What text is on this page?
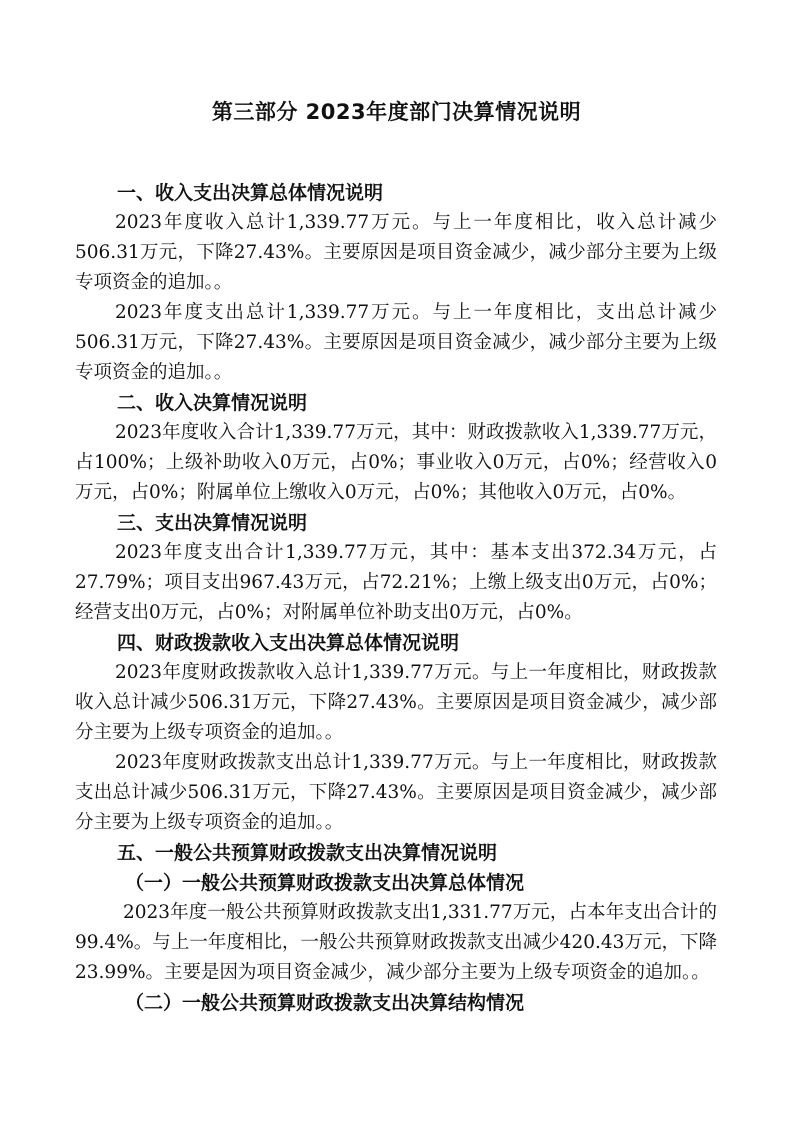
第三部分 2023年度部门决算情况说明
一、收入支出决算总体情况说明
2023年度收入总计1,339.77万元。与上一年度相比，收入总计减少506.31万元，下降27.43%。主要原因是项目资金减少，减少部分主要为上级专项资金的追加。。
2023年度支出总计1,339.77万元。与上一年度相比，支出总计减少506.31万元，下降27.43%。主要原因是项目资金减少，减少部分主要为上级专项资金的追加。。
二、收入决算情况说明
2023年度收入合计1,339.77万元，其中：财政拨款收入1,339.77万元，占100%；上级补助收入0万元，占0%；事业收入0万元，占0%；经营收入0万元，占0%；附属单位上缴收入0万元，占0%；其他收入0万元，占0%。
三、支出决算情况说明
2023年度支出合计1,339.77万元，其中：基本支出372.34万元，占27.79%；项目支出967.43万元，占72.21%；上缴上级支出0万元，占0%；经营支出0万元，占0%；对附属单位补助支出0万元，占0%。
四、财政拨款收入支出决算总体情况说明
2023年度财政拨款收入总计1,339.77万元。与上一年度相比，财政拨款收入总计减少506.31万元，下降27.43%。主要原因是项目资金减少，减少部分主要为上级专项资金的追加。。
2023年度财政拨款支出总计1,339.77万元。与上一年度相比，财政拨款支出总计减少506.31万元，下降27.43%。主要原因是项目资金减少，减少部分主要为上级专项资金的追加。。
五、一般公共预算财政拨款支出决算情况说明
（一）一般公共预算财政拨款支出决算总体情况
2023年度一般公共预算财政拨款支出1,331.77万元，占本年支出合计的99.4%。与上一年度相比，一般公共预算财政拨款支出减少420.43万元，下降23.99%。主要是因为项目资金减少，减少部分主要为上级专项资金的追加。。
（二）一般公共预算财政拨款支出决算结构情况
